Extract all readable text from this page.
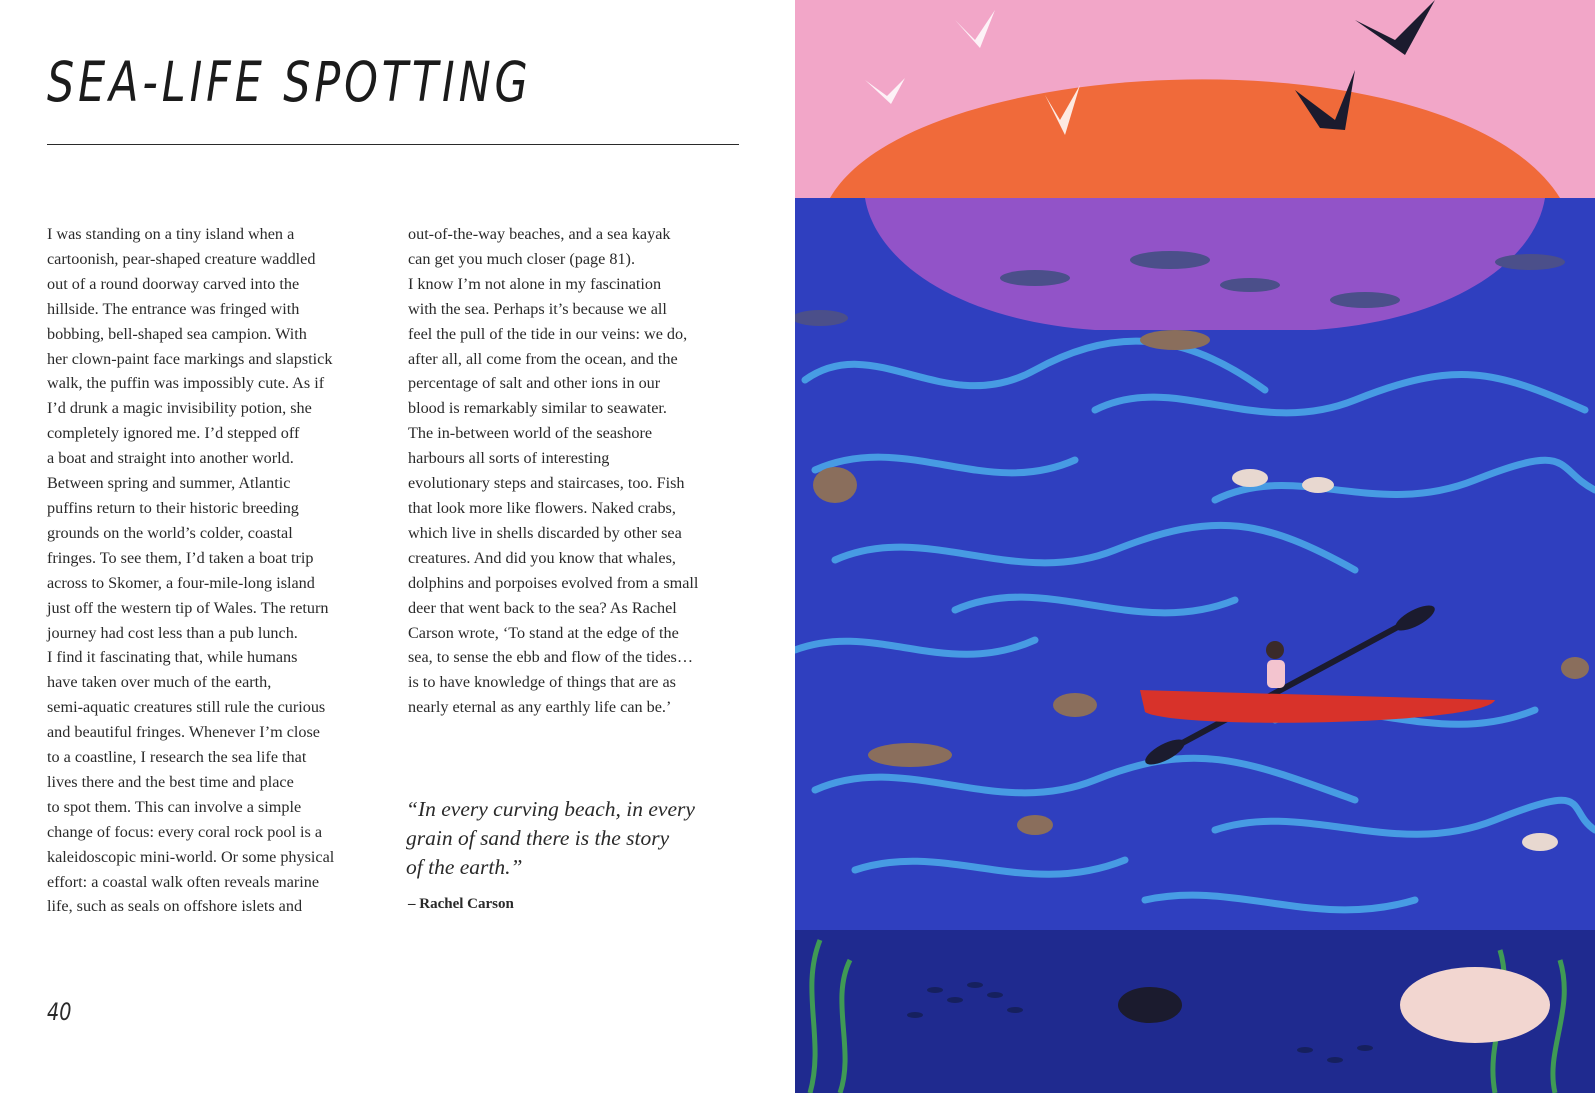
SEA-LIFE SPOTTING
I was standing on a tiny island when a
cartoonish, pear-shaped creature waddled
out of a round doorway carved into the
hillside. The entrance was fringed with
bobbing, bell-shaped sea campion. With
her clown-paint face markings and slapstick
walk, the puffin was impossibly cute. As if
I’d drunk a magic invisibility potion, she
completely ignored me. I’d stepped off
a boat and straight into another world.
Between spring and summer, Atlantic
puffins return to their historic breeding
grounds on the world’s colder, coastal
fringes. To see them, I’d taken a boat trip
across to Skomer, a four-mile-long island
just off the western tip of Wales. The return
journey had cost less than a pub lunch.
I find it fascinating that, while humans
have taken over much of the earth,
semi-aquatic creatures still rule the curious
and beautiful fringes. Whenever I’m close
to a coastline, I research the sea life that
lives there and the best time and place
to spot them. This can involve a simple
change of focus: every coral rock pool is a
kaleidoscopic mini-world. Or some physical
effort: a coastal walk often reveals marine
life, such as seals on offshore islets and
out-of-the-way beaches, and a sea kayak
can get you much closer (page 81).
I know I’m not alone in my fascination
with the sea. Perhaps it’s because we all
feel the pull of the tide in our veins: we do,
after all, all come from the ocean, and the
percentage of salt and other ions in our
blood is remarkably similar to seawater.
The in-between world of the seashore
harbours all sorts of interesting
evolutionary steps and staircases, too. Fish
that look more like flowers. Naked crabs,
which live in shells discarded by other sea
creatures. And did you know that whales,
dolphins and porpoises evolved from a small
deer that went back to the sea? As Rachel
Carson wrote, ‘To stand at the edge of the
sea, to sense the ebb and flow of the tides…
is to have knowledge of things that are as
nearly eternal as any earthly life can be.’
“In every curving beach, in every
grain of sand there is the story
of the earth.”
– Rachel Carson
40
